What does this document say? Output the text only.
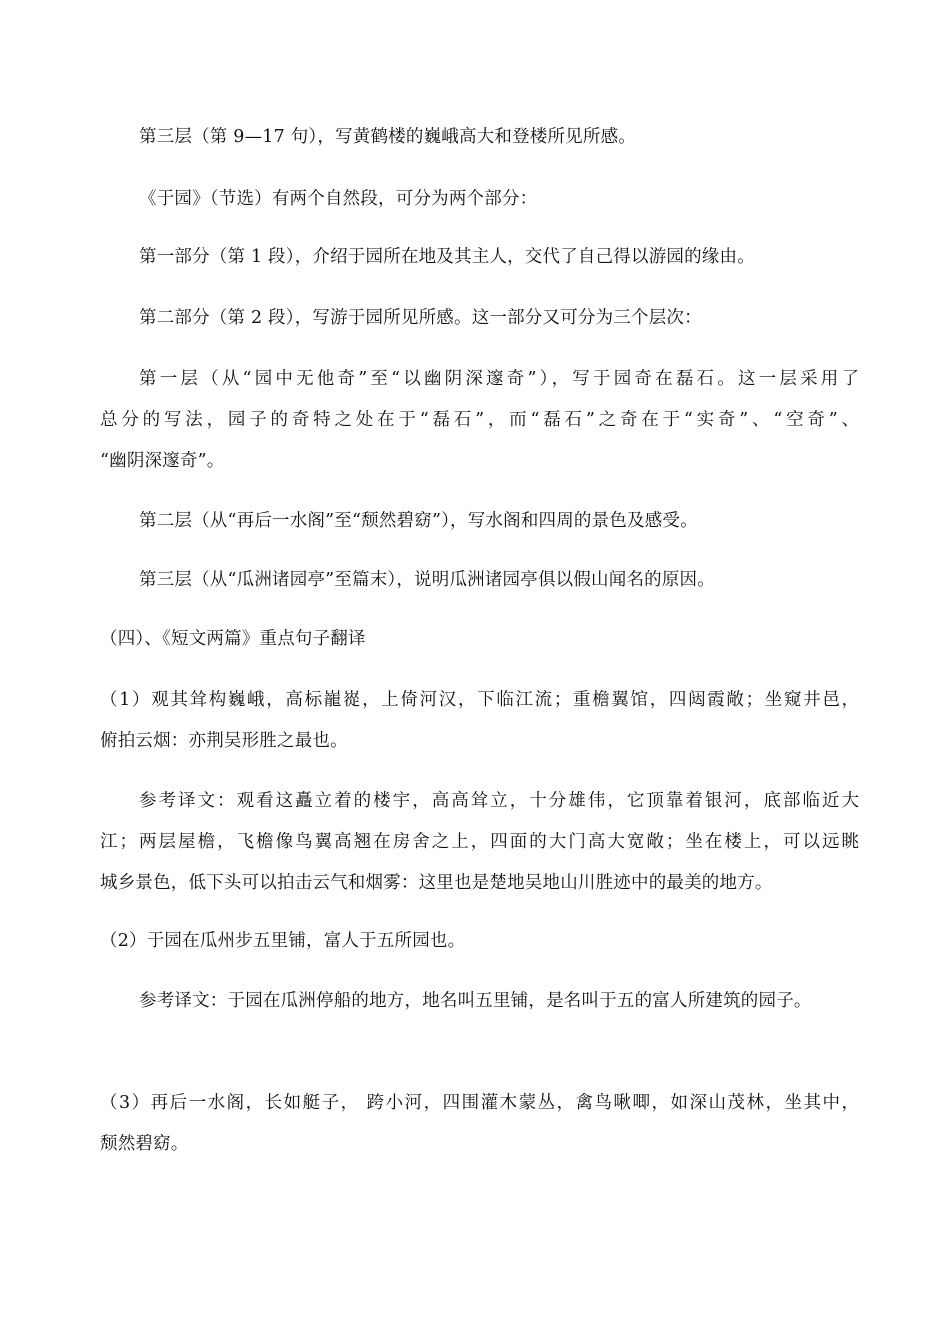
第三层（第 9—17 句），写黄鹤楼的巍峨高大和登楼所见所感。
《于园》（节选）有两个自然段，可分为两个部分：
第一部分（第 1 段），介绍于园所在地及其主人，交代了自己得以游园的缘由。
第二部分（第 2 段），写游于园所见所感。这一部分又可分为三个层次：
第一层（从“园中无他奇”至“以幽阴深邃奇”），写于园奇在磊石。这一层采用了
总分的写法，园子的奇特之处在于“磊石”，而“磊石”之奇在于“实奇”、“空奇”、
“幽阴深邃奇”。
第二层（从“再后一水阁”至“颓然碧窈”），写水阁和四周的景色及感受。
第三层（从“瓜洲诸园亭”至篇末），说明瓜洲诸园亭俱以假山闻名的原因。
（四）、《短文两篇》重点句子翻译
（1）观其耸构巍峨，高标巃嵸，上倚河汉，下临江流；重檐翼馆，四闼霞敞；坐窥井邑，
俯拍云烟：亦荆吴形胜之最也。
参考译文：观看这矗立着的楼宇，高高耸立，十分雄伟，它顶靠着银河，底部临近大
江；两层屋檐，飞檐像鸟翼高翘在房舍之上，四面的大门高大宽敞；坐在楼上，可以远眺
城乡景色，低下头可以拍击云气和烟雾：这里也是楚地吴地山川胜迹中的最美的地方。
（2）于园在瓜州步五里铺，富人于五所园也。
参考译文：于园在瓜洲停船的地方，地名叫五里铺，是名叫于五的富人所建筑的园子。
（3）再后一水阁，长如艇子， 跨小河，四围灌木蒙丛，禽鸟啾唧，如深山茂林，坐其中，
颓然碧窈。
